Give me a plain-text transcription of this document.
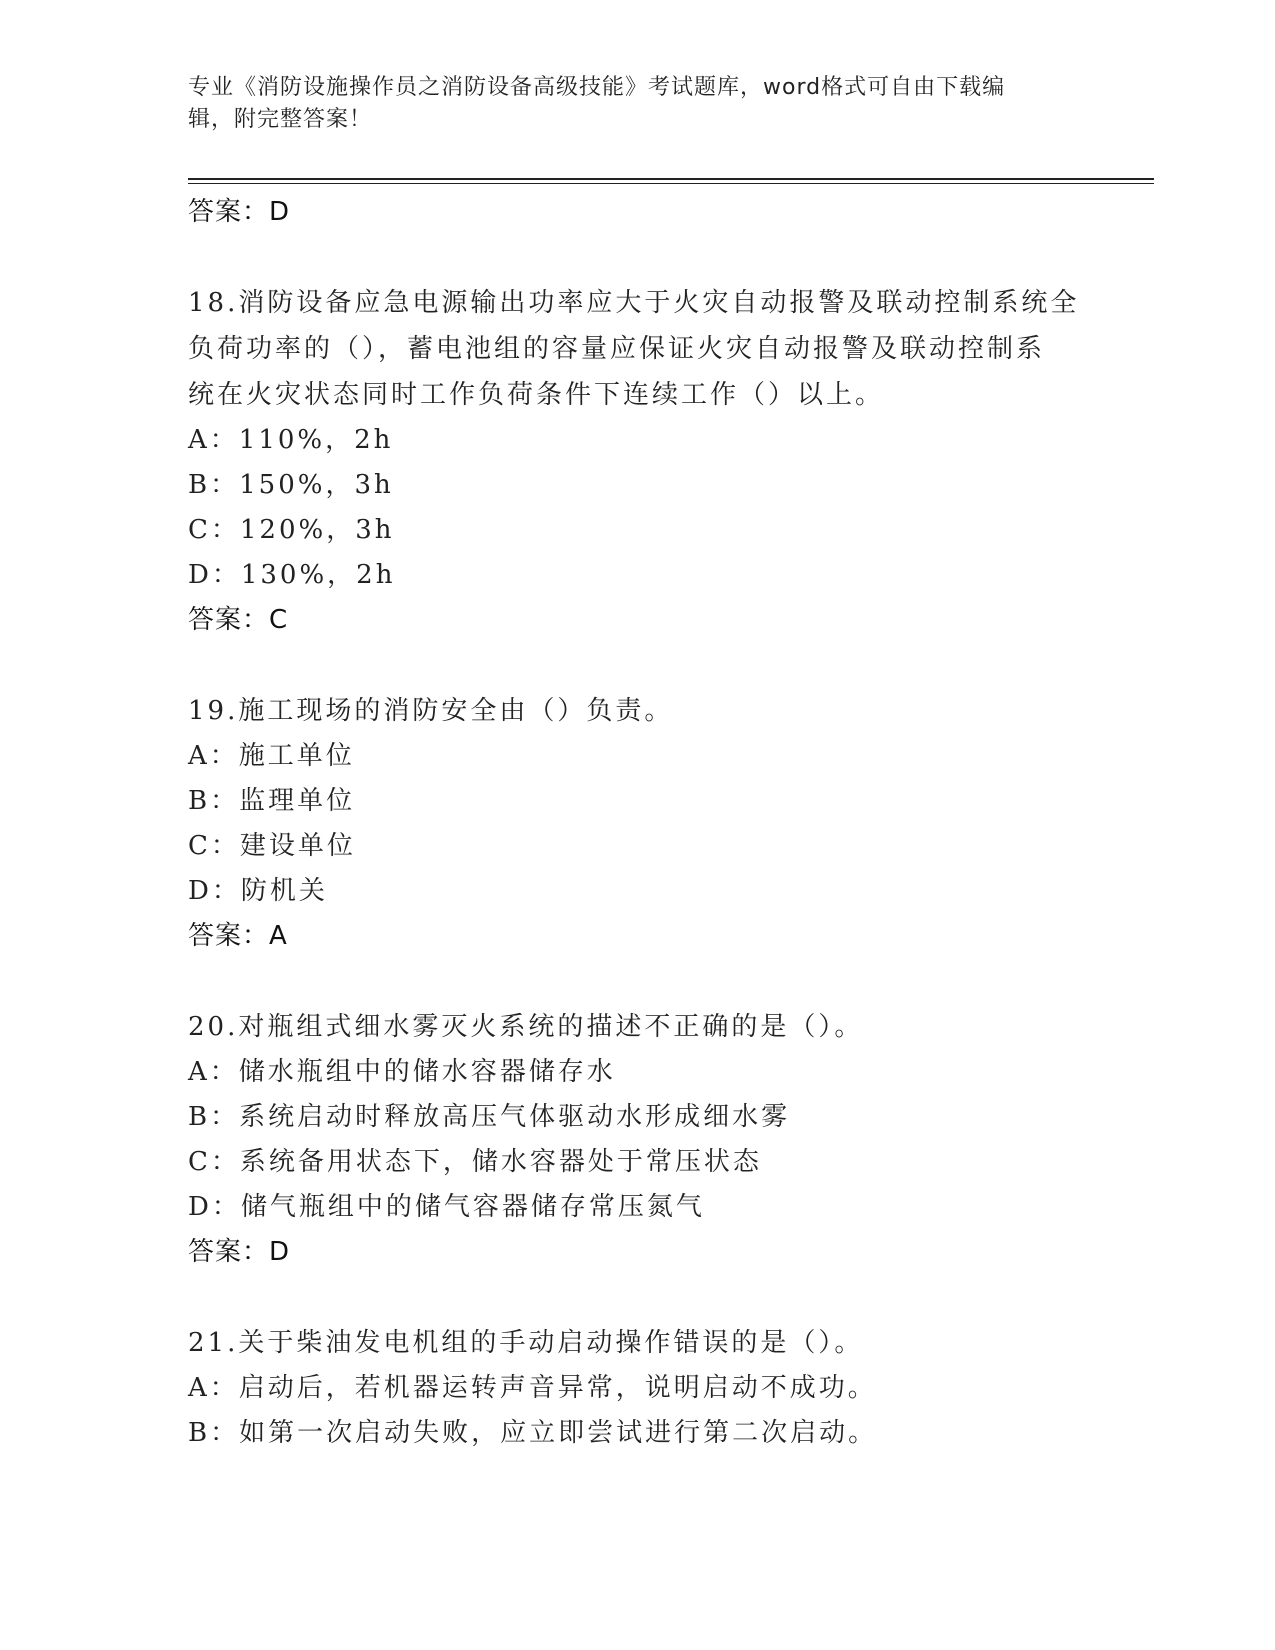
专业《消防设施操作员之消防设备高级技能》考试题库，word格式可自由下载编
辑，附完整答案！
答案：D
18.消防设备应急电源输出功率应大于火灾自动报警及联动控制系统全
负荷功率的（），蓄电池组的容量应保证火灾自动报警及联动控制系
统在火灾状态同时工作负荷条件下连续工作（）以上。
A：110%，2h
B：150%，3h
C：120%，3h
D：130%，2h
答案：C
19.施工现场的消防安全由（）负责。
A：施工单位
B：监理单位
C：建设单位
D：防机关
答案：A
20.对瓶组式细水雾灭火系统的描述不正确的是（）。
A：储水瓶组中的储水容器储存水
B：系统启动时释放高压气体驱动水形成细水雾
C：系统备用状态下，储水容器处于常压状态
D：储气瓶组中的储气容器储存常压氮气
答案：D
21.关于柴油发电机组的手动启动操作错误的是（）。
A：启动后，若机器运转声音异常，说明启动不成功。
B：如第一次启动失败，应立即尝试进行第二次启动。
